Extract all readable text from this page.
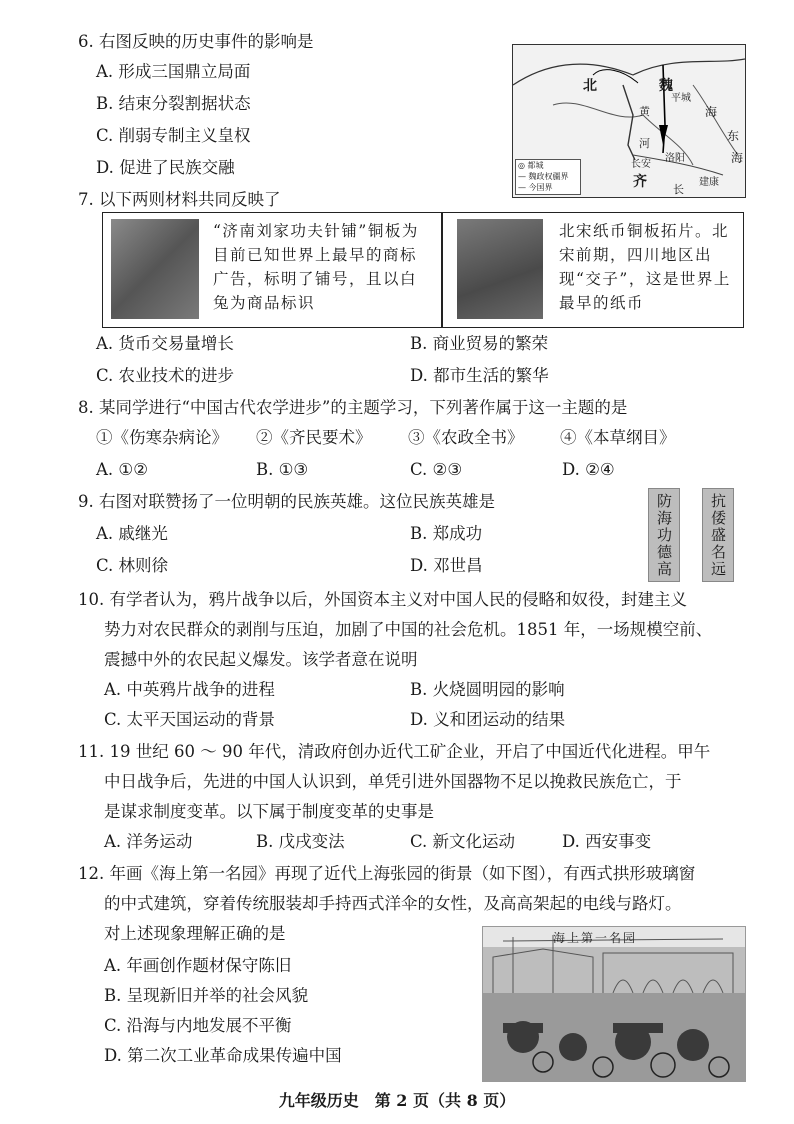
6. 右图反映的历史事件的影响是
A. 形成三国鼎立局面
B. 结束分裂割据状态
C. 削弱专制主义皇权
D. 促进了民族交融
北	魏
平城
黄
河
长安
洛阳
建康
齐
东
海
海
长
◎ 都城
— 魏政权疆界
— 今国界
7. 以下两则材料共同反映了
“济南刘家功夫针铺”铜板为目前已知世界上最早的商标广告，标明了铺号，且以白兔为商品标识
北宋纸币铜板拓片。北宋前期，四川地区出现“交子”，这是世界上最早的纸币
A. 货币交易量增长	B. 商业贸易的繁荣
C. 农业技术的进步	D. 都市生活的繁华
8. 某同学进行“中国古代农学进步”的主题学习，下列著作属于这一主题的是
①《伤寒杂病论》 ②《齐民要术》 ③《农政全书》 ④《本草纲目》
A. ①②	B. ①③	C. ②③	D. ②④
9. 右图对联赞扬了一位明朝的民族英雄。这位民族英雄是
A. 戚继光	B. 郑成功
C. 林则徐	D. 邓世昌	防海功德高	抗倭盛名远
10. 有学者认为，鸦片战争以后，外国资本主义对中国人民的侵略和奴役，封建主义
势力对农民群众的剥削与压迫，加剧了中国的社会危机。1851 年，一场规模空前、
震撼中外的农民起义爆发。该学者意在说明
A. 中英鸦片战争的进程	B. 火烧圆明园的影响
C. 太平天国运动的背景	D. 义和团运动的结果
11. 19 世纪 60 ～ 90 年代，清政府创办近代工矿企业，开启了中国近代化进程。甲午
中日战争后，先进的中国人认识到，单凭引进外国器物不足以挽救民族危亡，于
是谋求制度变革。以下属于制度变革的史事是
A. 洋务运动	B. 戊戌变法	C. 新文化运动	D. 西安事变
12. 年画《海上第一名园》再现了近代上海张园的街景（如下图），有西式拱形玻璃窗
的中式建筑，穿着传统服装却手持西式洋伞的女性，及高高架起的电线与路灯。
对上述现象理解正确的是
A. 年画创作题材保守陈旧
B. 呈现新旧并举的社会风貌
C. 沿海与内地发展不平衡
D. 第二次工业革命成果传遍中国
海上第一名园
九年级历史　第 2 页（共 8 页）
